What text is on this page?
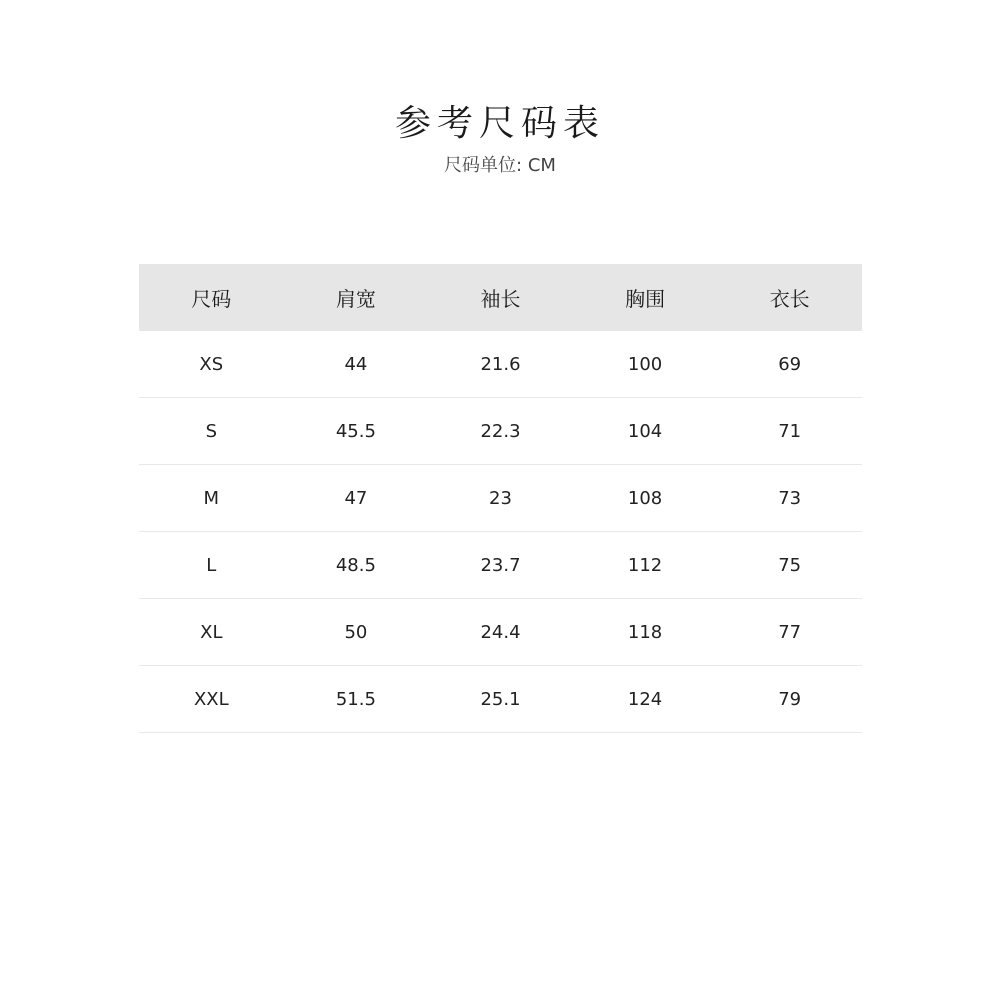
参考尺码表
尺码单位: CM
尺码	肩宽	袖长	胸围	衣长
XS	44	21.6	100	69
S	45.5	22.3	104	71
M	47	23	108	73
L	48.5	23.7	112	75
XL	50	24.4	118	77
XXL	51.5	25.1	124	79
